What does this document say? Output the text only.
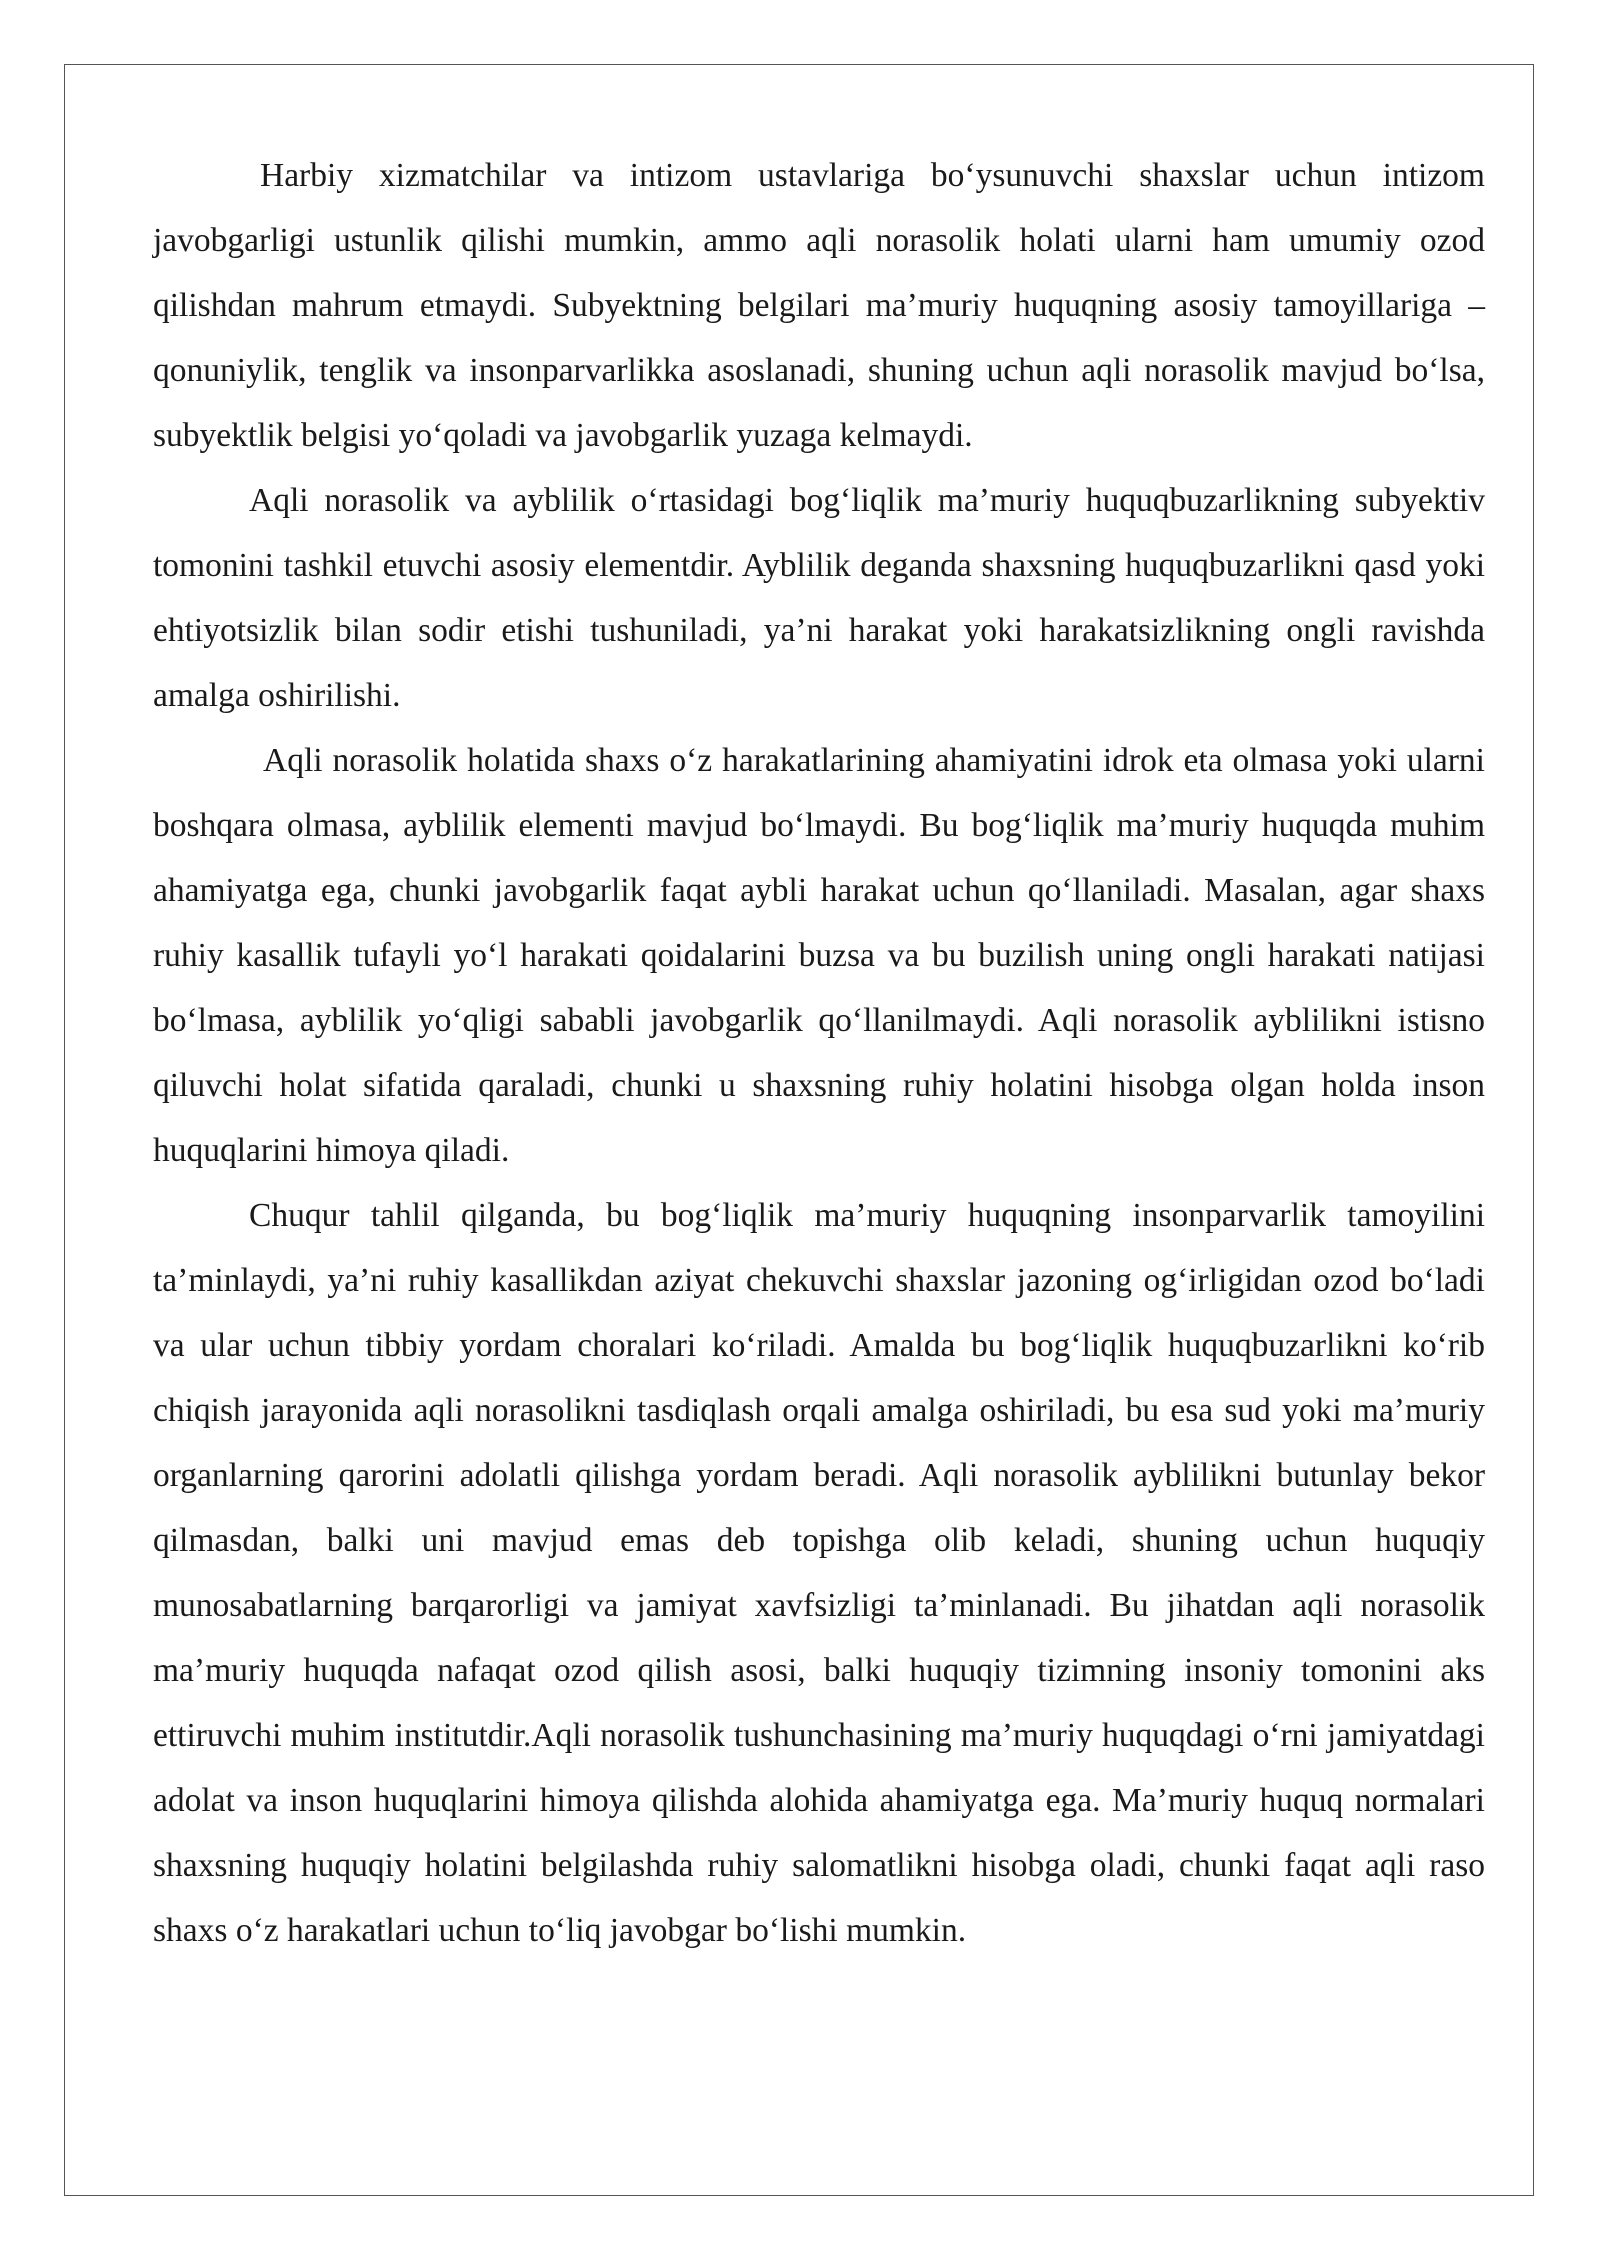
Harbiy xizmatchilar va intizom ustavlariga bo‘ysunuvchi shaxslar uchun intizom javobgarligi ustunlik qilishi mumkin, ammo aqli norasolik holati ularni ham umumiy ozod qilishdan mahrum etmaydi. Subyektning belgilari ma’muriy huquqning asosiy tamoyillariga – qonuniylik, tenglik va insonparvarlikka asoslanadi, shuning uchun aqli norasolik mavjud bo‘lsa, subyektlik belgisi yo‘qoladi va javobgarlik yuzaga kelmaydi.

Aqli norasolik va ayblilik o‘rtasidagi bog‘liqlik ma’muriy huquqbuzarlikning subyektiv tomonini tashkil etuvchi asosiy elementdir. Ayblilik deganda shaxsning huquqbuzarlikni qasd yoki ehtiyotsizlik bilan sodir etishi tushuniladi, ya’ni harakat yoki harakatsizlikning ongli ravishda amalga oshirilishi.

Aqli norasolik holatida shaxs o‘z harakatlarining ahamiyatini idrok eta olmasa yoki ularni boshqara olmasa, ayblilik elementi mavjud bo‘lmaydi. Bu bog‘liqlik ma’muriy huquqda muhim ahamiyatga ega, chunki javobgarlik faqat aybli harakat uchun qo‘llaniladi. Masalan, agar shaxs ruhiy kasallik tufayli yo‘l harakati qoidalarini buzsa va bu buzilish uning ongli harakati natijasi bo‘lmasa, ayblilik yo‘qligi sababli javobgarlik qo‘llanilmaydi. Aqli norasolik ayblilikni istisno qiluvchi holat sifatida qaraladi, chunki u shaxsning ruhiy holatini hisobga olgan holda inson huquqlarini himoya qiladi.

Chuqur tahlil qilganda, bu bog‘liqlik ma’muriy huquqning insonparvarlik tamoyilini ta’minlaydi, ya’ni ruhiy kasallikdan aziyat chekuvchi shaxslar jazoning og‘irligidan ozod bo‘ladi va ular uchun tibbiy yordam choralari ko‘riladi. Amalda bu bog‘liqlik huquqbuzarlikni ko‘rib chiqish jarayonida aqli norasolikni tasdiqlash orqali amalga oshiriladi, bu esa sud yoki ma’muriy organlarning qarorini adolatli qilishga yordam beradi. Aqli norasolik ayblilikni butunlay bekor qilmasdan, balki uni mavjud emas deb topishga olib keladi, shuning uchun huquqiy munosabatlarning barqarorligi va jamiyat xavfsizligi ta’minlanadi. Bu jihatdan aqli norasolik ma’muriy huquqda nafaqat ozod qilish asosi, balki huquqiy tizimning insoniy tomonini aks ettiruvchi muhim institutdir.Aqli norasolik tushunchasining ma’muriy huquqdagi o‘rni jamiyatdagi adolat va inson huquqlarini himoya qilishda alohida ahamiyatga ega. Ma’muriy huquq normalari shaxsning huquqiy holatini belgilashda ruhiy salomatlikni hisobga oladi, chunki faqat aqli raso shaxs o‘z harakatlari uchun to‘liq javobgar bo‘lishi mumkin.
